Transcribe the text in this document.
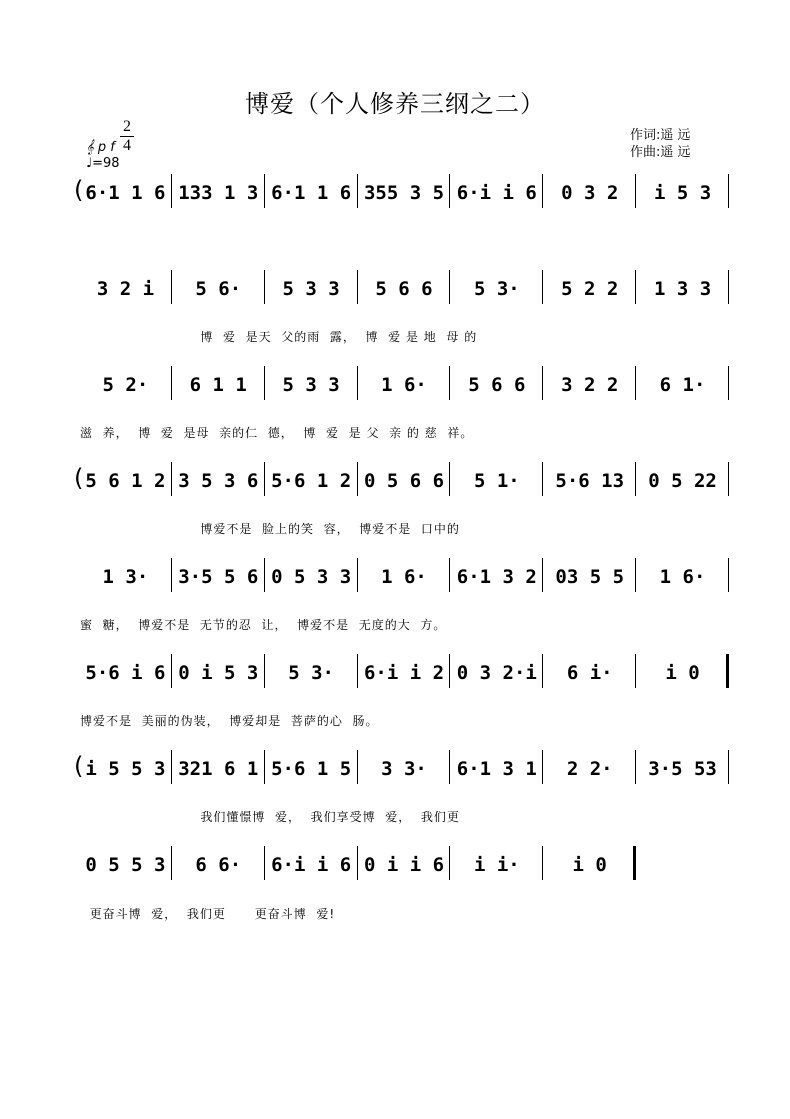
博爱（个人修养三纲之二）
2
4
𝄞 p f
♩=98
作词:遥 远
作曲:遥 远
( 6·1 1 6 133 1 3 6·1 1 6 355 3 5 6·i i 6	0 3 2	i 5 3
3 2 i	5 6·	5 3 3	5 6 6	5 3·	5 2 2	1 3 3
博  爱  是天  父的雨  露，  博  爱 是 地  母 的
5 2·	6 1 1	5 3 3	1 6·	5 6 6	3 2 2	6 1·
滋  养，  博  爱  是母  亲的仁  德，  博  爱  是 父  亲 的 慈  祥。
( 5 6 1 2 3 5 3 6 5·6 1 2 0 5 6 6	5 1·	5·6 13	0 5 22
博爱不是  脸上的笑  容，  博爱不是  口中的
1 3·	3·5 5 6 0 5 3 3	1 6·	6·1 3 2 03 5 5	1 6·
蜜  糖，  博爱不是  无节的忍  让，  博爱不是  无度的大  方。
5·6 i 6 0 i 5 3	5 3·	6·i i 2 0 3 2·i	6 i·	i 0
博爱不是  美丽的伪装，  博爱却是  菩萨的心  肠。
( i 5 5 3 321 6 1 5·6 1 5	3 3·	6·1 3 1	2 2·	3·5 53
我们懂憬博  爱，  我们享受博  爱，  我们更
0 5 5 3	6 6·	6·i i 6 0 i i 6	i i·	i 0
更奋斗博  爱，  我们更      更奋斗博  爱!
